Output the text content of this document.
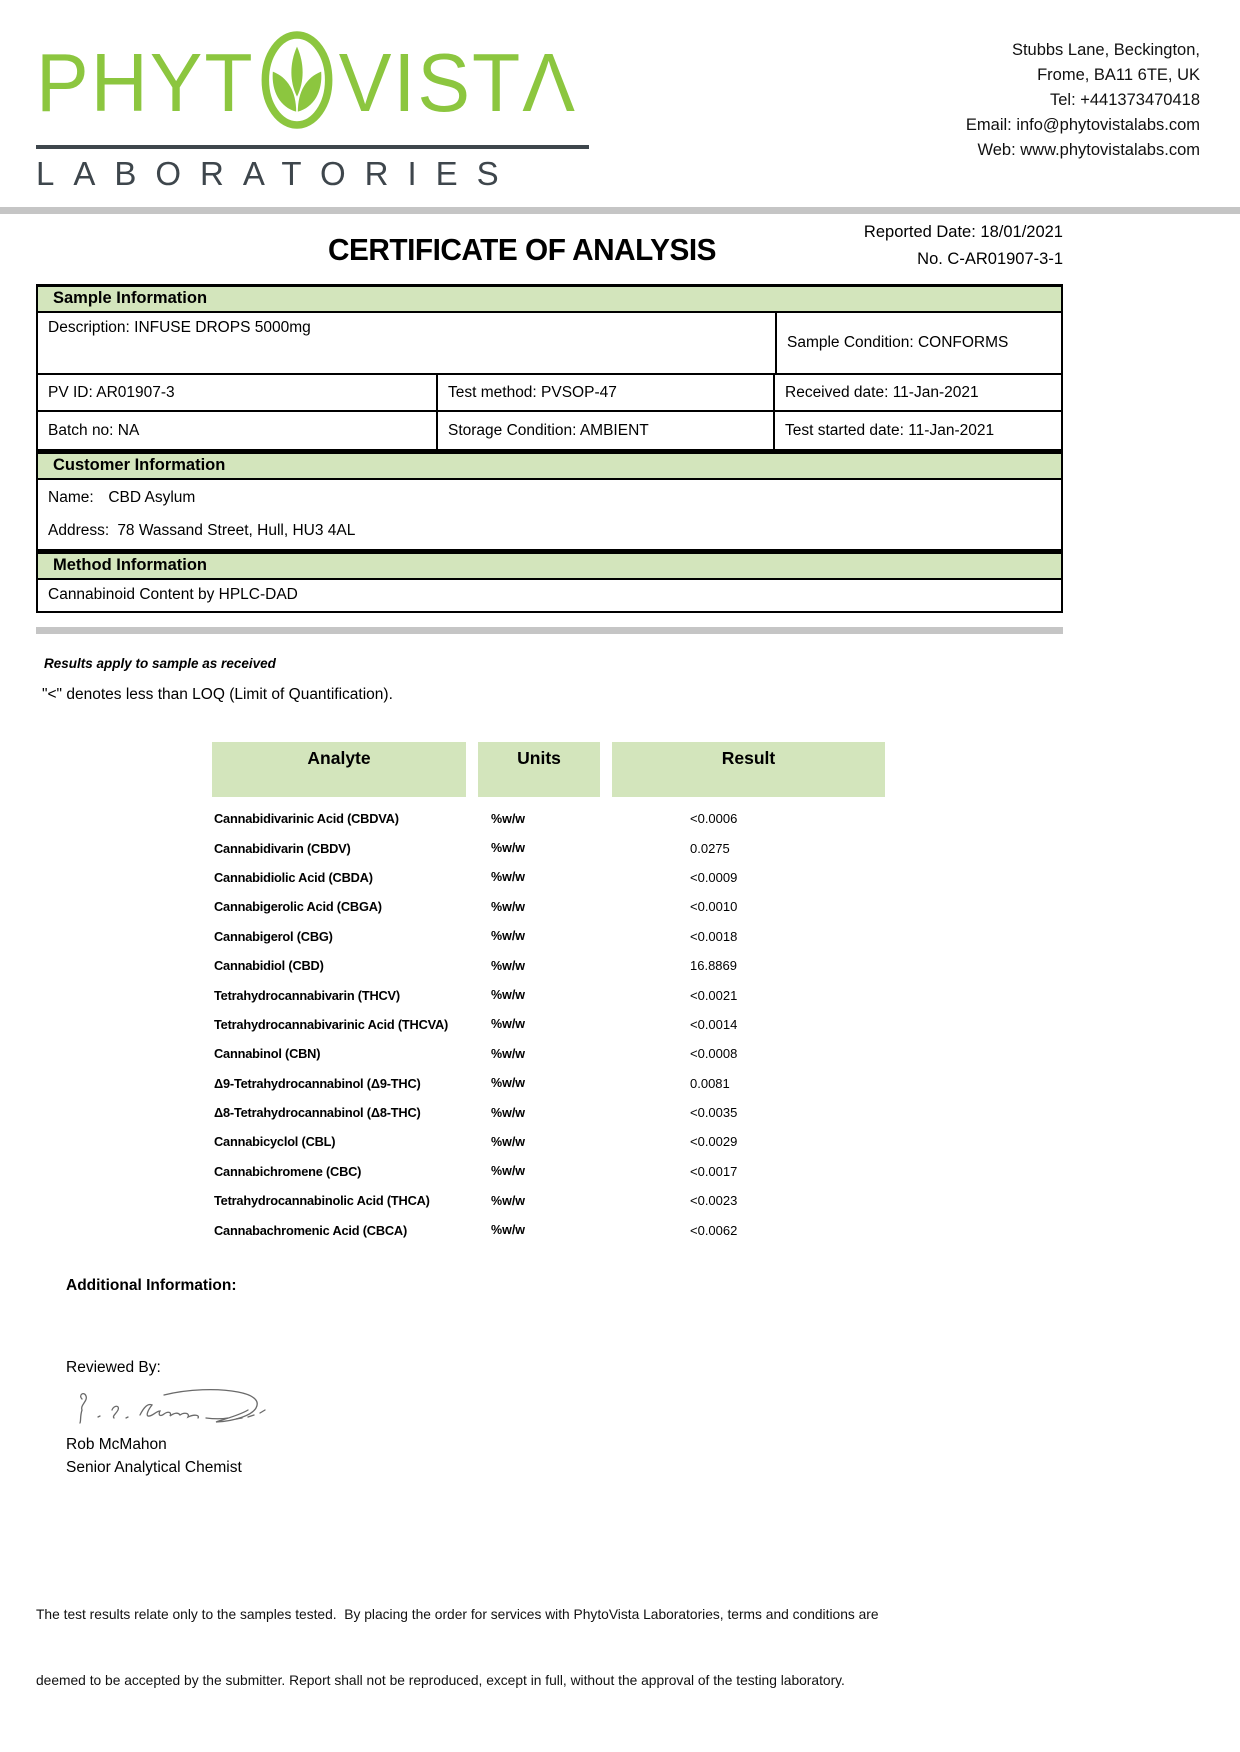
PHYT VISTΛ
LABORATORIES
Stubbs Lane, Beckington,
Frome, BA11 6TE, UK
Tel: +441373470418
Email: info@phytovistalabs.com
Web: www.phytovistalabs.com
CERTIFICATE OF ANALYSIS	Reported Date: 18/01/2021
No. C-AR01907-3-1
Sample Information
Description: INFUSE DROPS 5000mg
Sample Condition: CONFORMS
PV ID: AR01907-3	Test method: PVSOP-47	Received date: 11-Jan-2021
Batch no: NA	Storage Condition: AMBIENT	Test started date: 11-Jan-2021
Customer Information
Name: CBD Asylum
Address: 78 Wassand Street, Hull, HU3 4AL
Method Information
Cannabinoid Content by HPLC-DAD
Results apply to sample as received
"<" denotes less than LOQ (Limit of Quantification).
Analyte	Units	Result
Cannabidivarinic Acid (CBDVA)	%w/w	<0.0006
Cannabidivarin (CBDV)	%w/w	0.0275
Cannabidiolic Acid (CBDA)	%w/w	<0.0009
Cannabigerolic Acid (CBGA)	%w/w	<0.0010
Cannabigerol (CBG)	%w/w	<0.0018
Cannabidiol (CBD)	%w/w	16.8869
Tetrahydrocannabivarin (THCV)	%w/w	<0.0021
Tetrahydrocannabivarinic Acid (THCVA)	%w/w	<0.0014
Cannabinol (CBN)	%w/w	<0.0008
Δ9-Tetrahydrocannabinol (Δ9-THC)	%w/w	0.0081
Δ8-Tetrahydrocannabinol (Δ8-THC)	%w/w	<0.0035
Cannabicyclol (CBL)	%w/w	<0.0029
Cannabichromene (CBC)	%w/w	<0.0017
Tetrahydrocannabinolic Acid (THCA)	%w/w	<0.0023
Cannabachromenic Acid (CBCA)	%w/w	<0.0062
Additional Information:
Reviewed By:
Rob McMahon
Senior Analytical Chemist

The test results relate only to the samples tested.  By placing the order for services with PhytoVista Laboratories, terms and conditions are

deemed to be accepted by the submitter. Report shall not be reproduced, except in full, without the approval of the testing laboratory.
